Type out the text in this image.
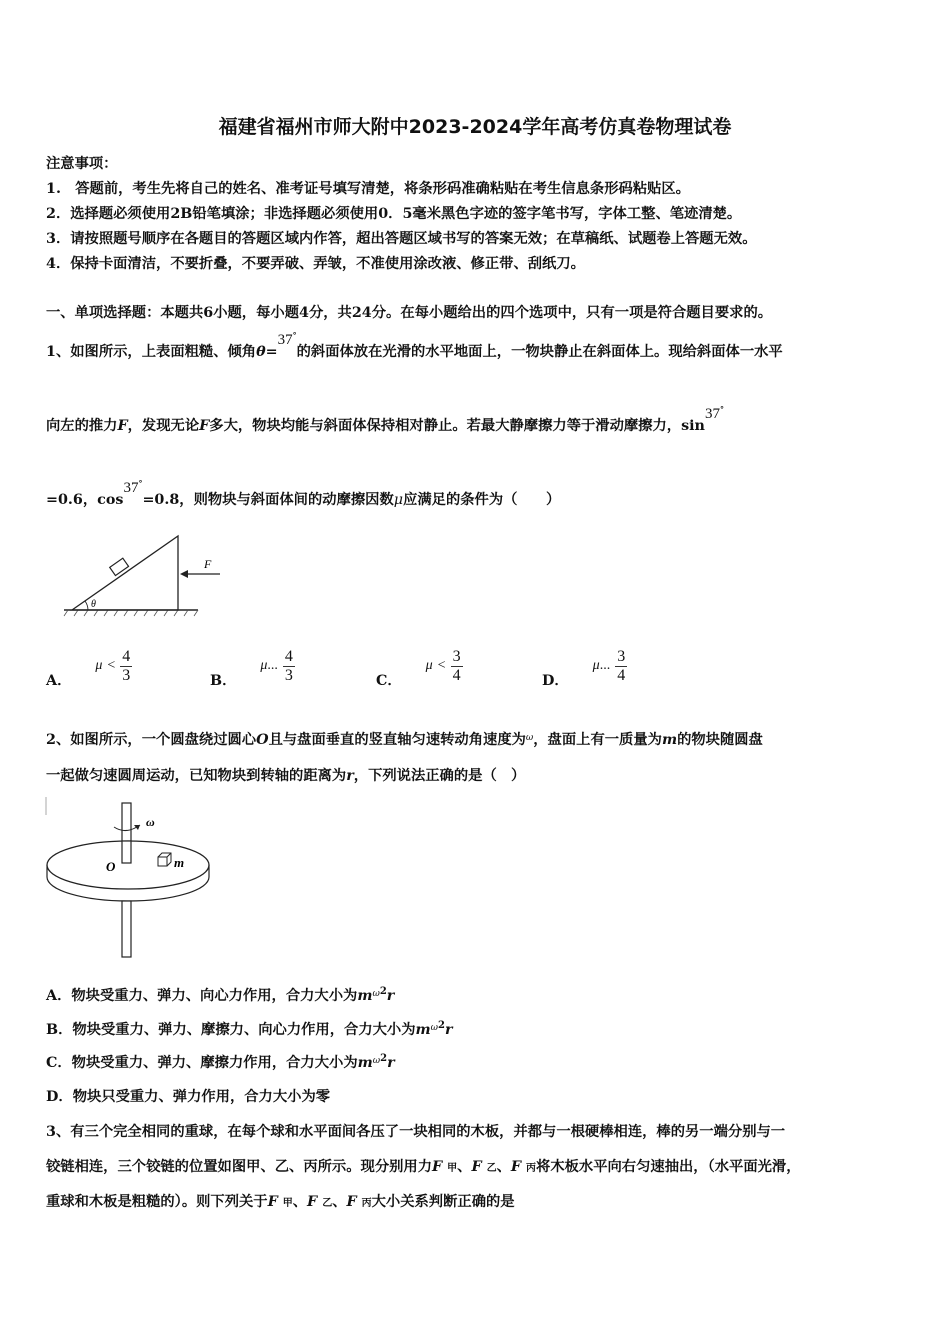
福建省福州市师大附中2023-2024学年高考仿真卷物理试卷
注意事项：
1.　答题前，考生先将自己的姓名、准考证号填写清楚，将条形码准确粘贴在考生信息条形码粘贴区。
2．选择题必须使用2B铅笔填涂；非选择题必须使用0．5毫米黑色字迹的签字笔书写，字体工整、笔迹清楚。
3．请按照题号顺序在各题目的答题区域内作答，超出答题区域书写的答案无效；在草稿纸、试题卷上答题无效。
4．保持卡面清洁，不要折叠，不要弄破、弄皱，不准使用涂改液、修正带、刮纸刀。
一、单项选择题：本题共6小题，每小题4分，共24分。在每小题给出的四个选项中，只有一项是符合题目要求的。
1、如图所示，上表面粗糙、倾角θ=37°的斜面体放在光滑的水平地面上，一物块静止在斜面体上。现给斜面体一水平
向左的推力F，发现无论F多大，物块均能与斜面体保持相对静止。若最大静摩擦力等于滑动摩擦力，sin37°
=0.6，cos37°=0.8，则物块与斜面体间的动摩擦因数μ应满足的条件为（　　）
θ
F
A．  $\mu < \frac{4}{3}$	B．  μ... $\frac{4}{3}$	C．  $\mu < \frac{3}{4}$	D．  μ... $\frac{3}{4}$
2、如图所示，一个圆盘绕过圆心O且与盘面垂直的竖直轴匀速转动角速度为$^\omega$，盘面上有一质量为m的物块随圆盘
一起做匀速圆周运动，已知物块到转轴的距离为r，下列说法正确的是（　）
ω
O	m
A．物块受重力、弹力、向心力作用，合力大小为$m^{\omega 2}r$
B．物块受重力、弹力、摩擦力、向心力作用，合力大小为$m^{\omega 2}r$
C．物块受重力、弹力、摩擦力作用，合力大小为$m^{\omega 2}r$
D．物块只受重力、弹力作用，合力大小为零
3、有三个完全相同的重球，在每个球和水平面间各压了一块相同的木板，并都与一根硬棒相连，棒的另一端分别与一
铰链相连，三个铰链的位置如图甲、乙、丙所示。现分别用力F 甲、F 乙、F 丙将木板水平向右匀速抽出，（水平面光滑，
重球和木板是粗糙的）。则下列关于F 甲、F 乙、F 丙大小关系判断正确的是
